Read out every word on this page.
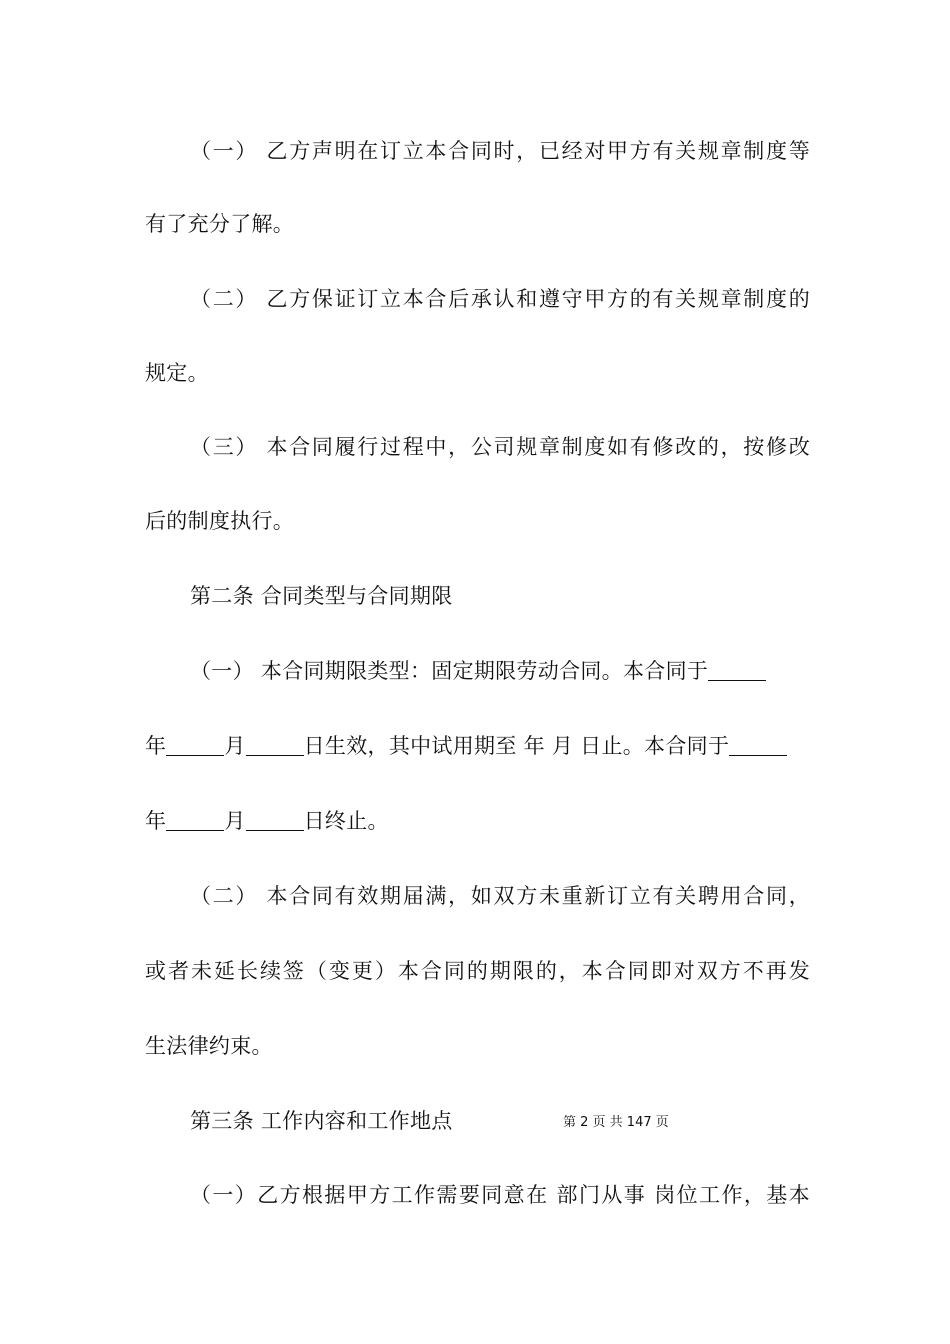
（一） 乙方声明在订立本合同时，已经对甲方有关规章制度等
有了充分了解。
（二） 乙方保证订立本合后承认和遵守甲方的有关规章制度的
规定。
（三） 本合同履行过程中，公司规章制度如有修改的，按修改
后的制度执行。
第二条 合同类型与合同期限
（一） 本合同期限类型：固定期限劳动合同。本合同于
年	月	日生效，其中试用期至 年 月 日止。本合同于
年	月	日终止。
（二） 本合同有效期届满，如双方未重新订立有关聘用合同，
或者未延长续签（变更）本合同的期限的，本合同即对双方不再发
生法律约束。
第三条 工作内容和工作地点	第 2 页 共 147 页
（一）乙方根据甲方工作需要同意在 部门从事 岗位工作，基本
